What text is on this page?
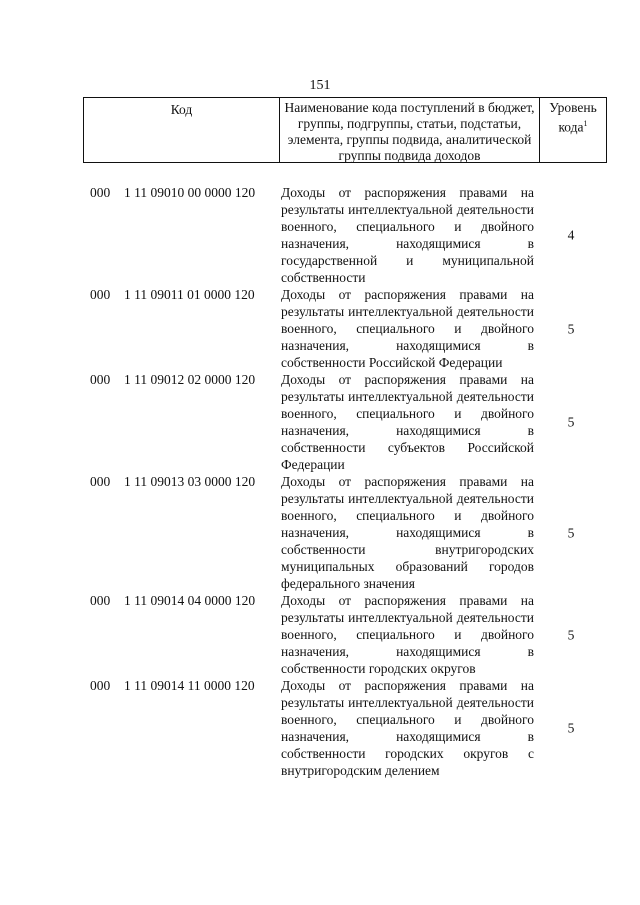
151
Код	Наименование кода поступлений в бюджет, группы, подгруппы, статьи, подстатьи, элемента, группы подвида, аналитической группы подвида доходов
Уровень кода$^1$
000 1 11 09010 00 0000 120 Доходы от распоряжения правами на результаты интеллектуальной деятельности военного, специального и двойного назначения, находящимися в государственной и муниципальной собственности
4
000 1 11 09011 01 0000 120 Доходы от распоряжения правами на результаты интеллектуальной деятельности военного, специального и двойного назначения, находящимися в собственности Российской Федерации
5
000 1 11 09012 02 0000 120 Доходы от распоряжения правами на результаты интеллектуальной деятельности военного, специального и двойного назначения, находящимися в собственности субъектов Российской Федерации
5
000 1 11 09013 03 0000 120 Доходы от распоряжения правами на результаты интеллектуальной деятельности военного, специального и двойного назначения, находящимися в собственности внутригородских муниципальных образований городов федерального значения
5
000 1 11 09014 04 0000 120 Доходы от распоряжения правами на результаты интеллектуальной деятельности военного, специального и двойного назначения, находящимися в собственности городских округов
5
000 1 11 09014 11 0000 120 Доходы от распоряжения правами на результаты интеллектуальной деятельности военного, специального и двойного назначения, находящимися в собственности городских округов с внутригородским делением
5
